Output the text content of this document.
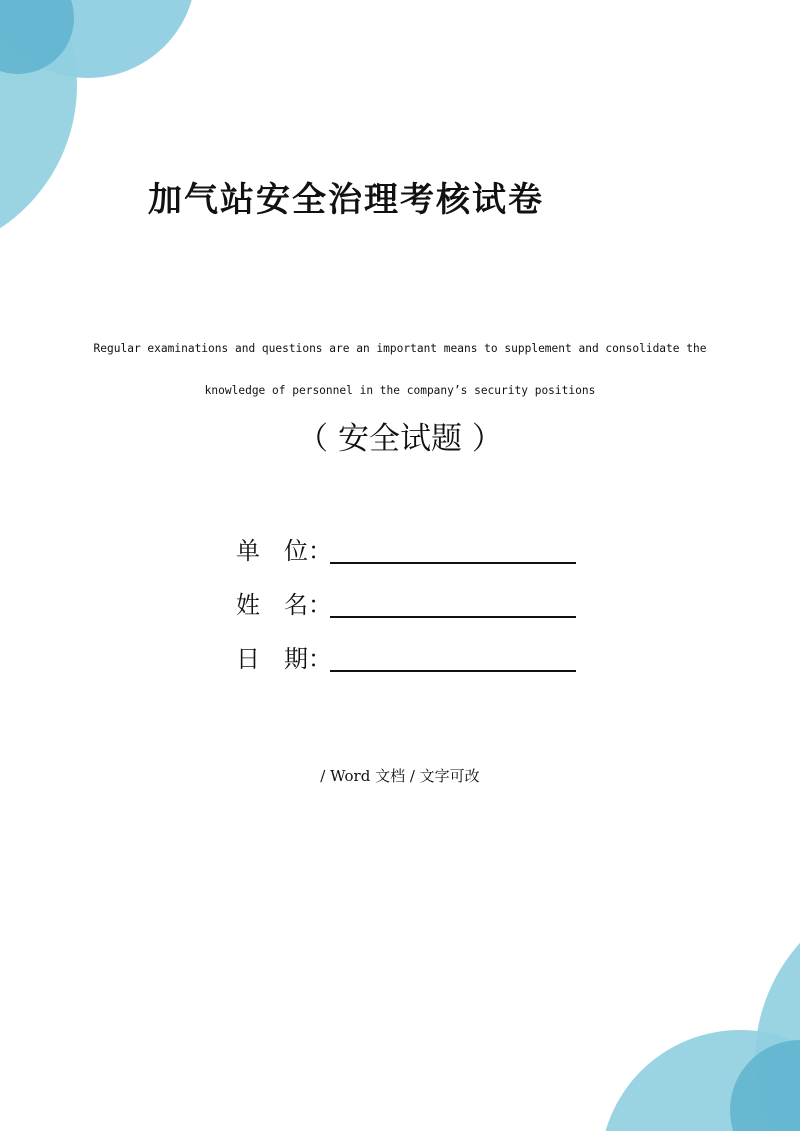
加气站安全治理考核试卷
Regular examinations and questions are an important means to supplement and consolidate the
knowledge of personnel in the company’s security positions
（ 安全试题 ）
单　位：
姓　名：
日　期：
/ Word 文档 / 文字可改
